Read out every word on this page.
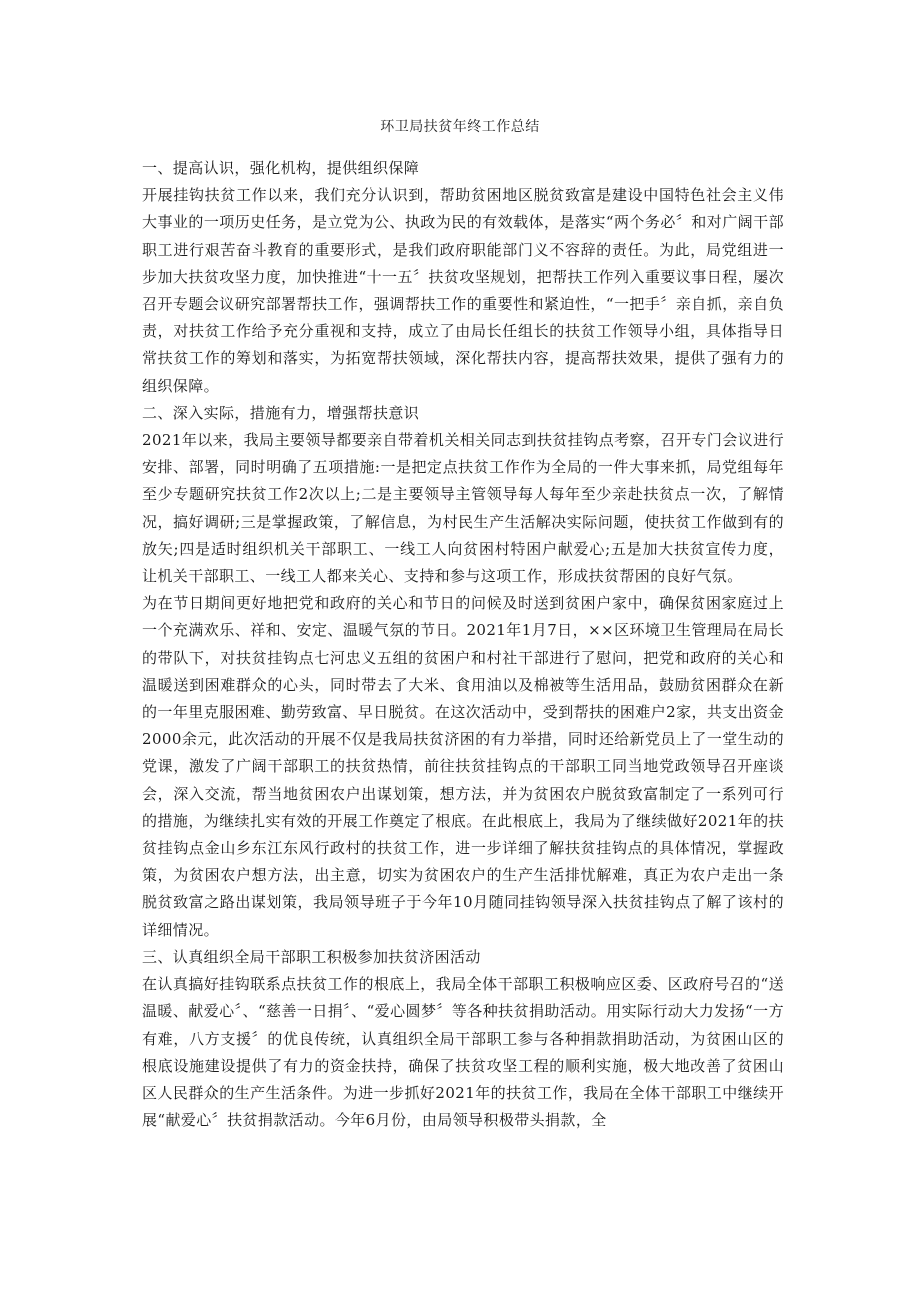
环卫局扶贫年终工作总结

一、提高认识，强化机构，提供组织保障

开展挂钩扶贫工作以来，我们充分认识到，帮助贫困地区脱贫致富是建设中国特色社会主义伟大事业的一项历史任务，是立党为公、执政为民的有效载体，是落实“两个务必〞和对广阔干部职工进行艰苦奋斗教育的重要形式，是我们政府职能部门义不容辞的责任。为此，局党组进一步加大扶贫攻坚力度，加快推进“十一五〞扶贫攻坚规划，把帮扶工作列入重要议事日程，屡次召开专题会议研究部署帮扶工作，强调帮扶工作的重要性和紧迫性，“一把手〞亲自抓，亲自负责，对扶贫工作给予充分重视和支持，成立了由局长任组长的扶贫工作领导小组，具体指导日常扶贫工作的筹划和落实，为拓宽帮扶领域，深化帮扶内容，提高帮扶效果，提供了强有力的组织保障。

二、深入实际，措施有力，增强帮扶意识

2021年以来，我局主要领导都要亲自带着机关相关同志到扶贫挂钩点考察，召开专门会议进行安排、部署，同时明确了五项措施:一是把定点扶贫工作作为全局的一件大事来抓，局党组每年至少专题研究扶贫工作2次以上;二是主要领导主管领导每人每年至少亲赴扶贫点一次，了解情况，搞好调研;三是掌握政策，了解信息，为村民生产生活解决实际问题，使扶贫工作做到有的放矢;四是适时组织机关干部职工、一线工人向贫困村特困户献爱心;五是加大扶贫宣传力度，让机关干部职工、一线工人都来关心、支持和参与这项工作，形成扶贫帮困的良好气氛。

为在节日期间更好地把党和政府的关心和节日的问候及时送到贫困户家中，确保贫困家庭过上一个充满欢乐、祥和、安定、温暖气氛的节日。2021年1月7日，××区环境卫生管理局在局长的带队下，对扶贫挂钩点七河忠义五组的贫困户和村社干部进行了慰问，把党和政府的关心和温暖送到困难群众的心头，同时带去了大米、食用油以及棉被等生活用品，鼓励贫困群众在新的一年里克服困难、勤劳致富、早日脱贫。在这次活动中，受到帮扶的困难户2家，共支出资金2000余元，此次活动的开展不仅是我局扶贫济困的有力举措，同时还给新党员上了一堂生动的党课，激发了广阔干部职工的扶贫热情，前往扶贫挂钩点的干部职工同当地党政领导召开座谈会，深入交流，帮当地贫困农户出谋划策，想方法，并为贫困农户脱贫致富制定了一系列可行的措施，为继续扎实有效的开展工作奠定了根底。在此根底上，我局为了继续做好2021年的扶贫挂钩点金山乡东江东风行政村的扶贫工作，进一步详细了解扶贫挂钩点的具体情况，掌握政策，为贫困农户想方法，出主意，切实为贫困农户的生产生活排忧解难，真正为农户走出一条脱贫致富之路出谋划策，我局领导班子于今年10月随同挂钩领导深入扶贫挂钩点了解了该村的详细情况。

三、认真组织全局干部职工积极参加扶贫济困活动

在认真搞好挂钩联系点扶贫工作的根底上，我局全体干部职工积极响应区委、区政府号召的“送温暖、献爱心〞、“慈善一日捐〞、“爱心圆梦〞等各种扶贫捐助活动。用实际行动大力发扬“一方有难，八方支援〞的优良传统，认真组织全局干部职工参与各种捐款捐助活动，为贫困山区的根底设施建设提供了有力的资金扶持，确保了扶贫攻坚工程的顺利实施，极大地改善了贫困山区人民群众的生产生活条件。为进一步抓好2021年的扶贫工作，我局在全体干部职工中继续开展“献爱心〞扶贫捐款活动。今年6月份，由局领导积极带头捐款，全
